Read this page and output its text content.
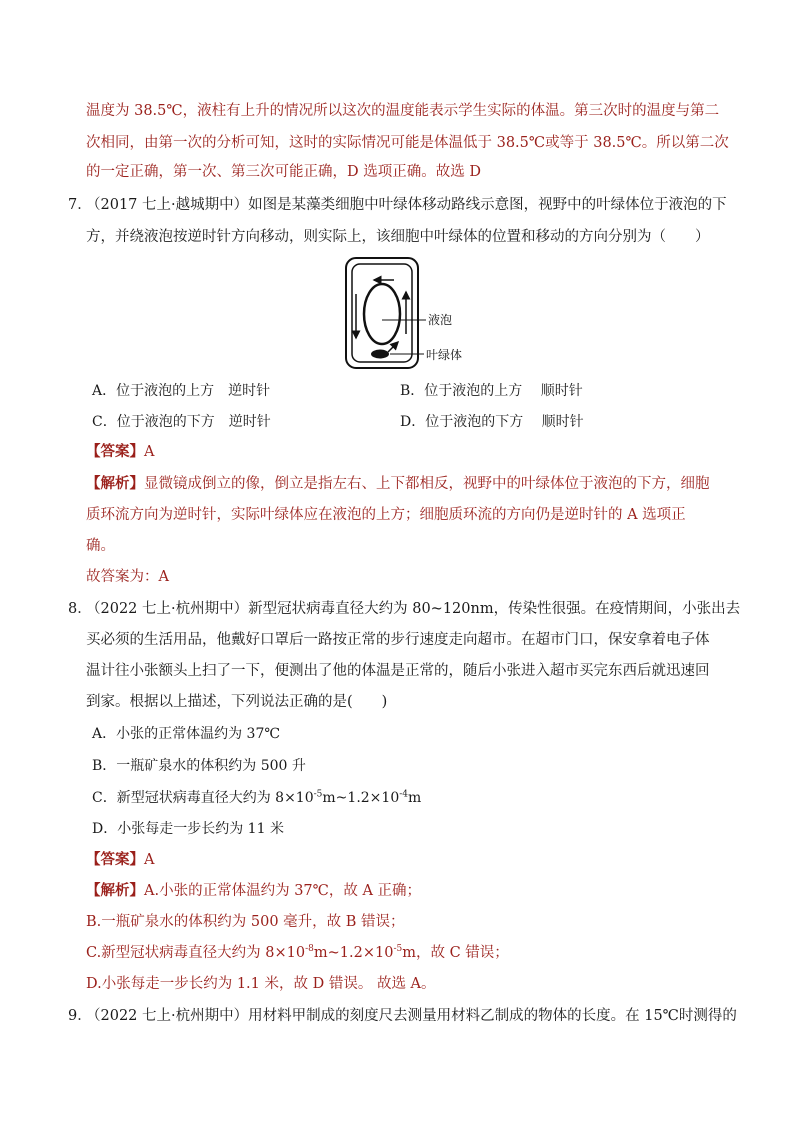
温度为 38.5℃，液柱有上升的情况所以这次的温度能表示学生实际的体温。第三次时的温度与第二
次相同，由第一次的分析可知，这时的实际情况可能是体温低于 38.5℃或等于 38.5℃。所以第二次
的一定正确，第一次、第三次可能正确，D 选项正确。故选 D
7．
（2017 七上·越城期中）如图是某藻类细胞中叶绿体移动路线示意图，视野中的叶绿体位于液泡的下
方，并绕液泡按逆时针方向移动，则实际上，该细胞中叶绿体的位置和移动的方向分别为（　　）
液泡
叶绿体
A．位于液泡的上方　逆时针	B．位于液泡的上方　 顺时针
C．位于液泡的下方　逆时针	D．位于液泡的下方　 顺时针
【答案】A
【解析】显微镜成倒立的像，倒立是指左右、上下都相反，视野中的叶绿体位于液泡的下方，细胞
质环流方向为逆时针，实际叶绿体应在液泡的上方；细胞质环流的方向仍是逆时针的 A 选项正
确。
故答案为：A
8．
（2022 七上·杭州期中）新型冠状病毒直径大约为 80~120nm，传染性很强。在疫情期间，小张出去
买必须的生活用品，他戴好口罩后一路按正常的步行速度走向超市。在超市门口，保安拿着电子体
温计往小张额头上扫了一下，便测出了他的体温是正常的，随后小张进入超市买完东西后就迅速回
到家。根据以上描述，下列说法正确的是(　　)
A．小张的正常体温约为 37℃
B．一瓶矿泉水的体积约为 500 升
C．新型冠状病毒直径大约为 $8\times 10^{-5}m\sim 1.2\times 10^{-4}m$
D．小张每走一步长约为 11 米
【答案】A
【解析】A.小张的正常体温约为 37℃，故 A 正确；
B.一瓶矿泉水的体积约为 500 毫升，故 B 错误；
C.新型冠状病毒直径大约为 $8\times 10^{-8}m\sim 1.2\times 10^{-5}m$，故 C 错误；
D.小张每走一步长约为 1.1 米，故 D 错误。 故选 A。
9．
（2022 七上·杭州期中）用材料甲制成的刻度尺去测量用材料乙制成的物体的长度。在 15℃时测得的
